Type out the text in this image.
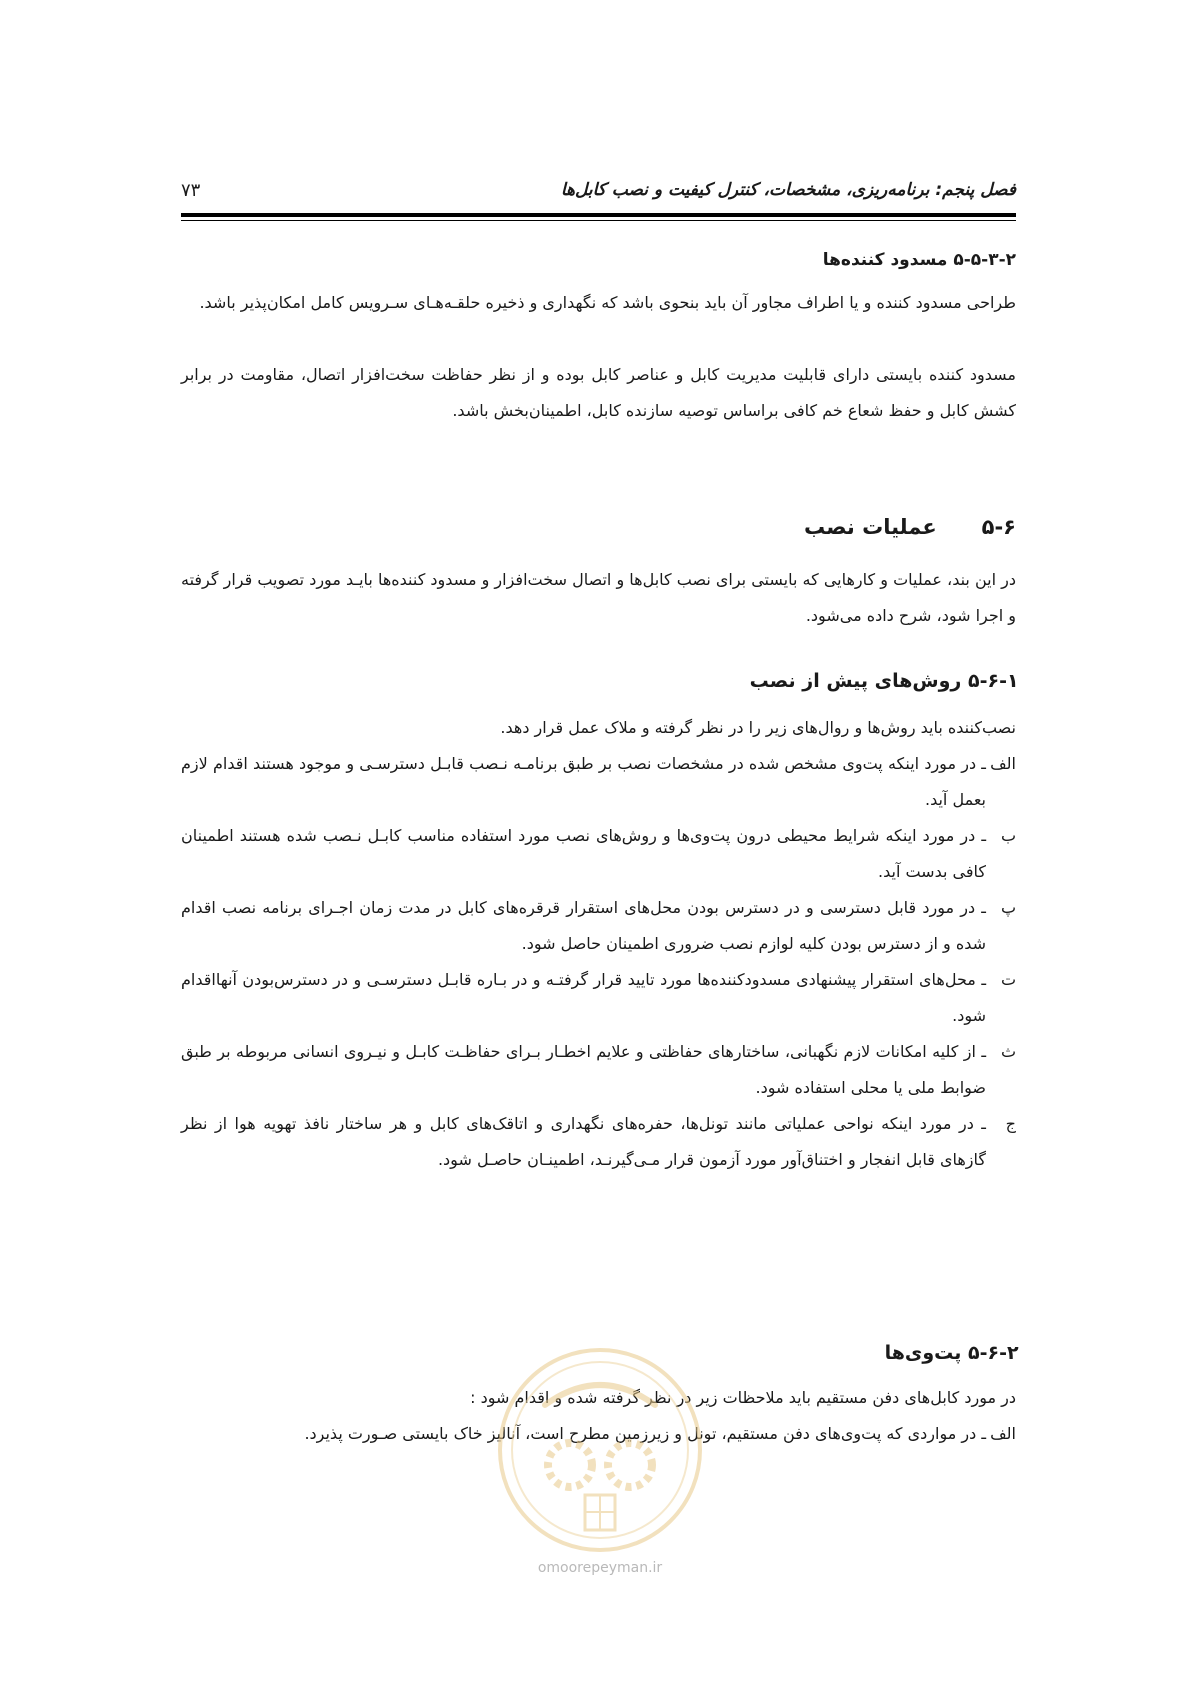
فصل پنجم: برنامه‌ریزی، مشخصات، کنترل کیفیت و نصب کابل‌ها
۷۳
۵-۵-۳-۲ مسدود کننده‌ها
طراحی مسدود کننده و یا اطراف مجاور آن باید بنحوی باشد که نگهداری و ذخیره حلقـه‌هـای سـرویس کامل امکان‌پذیر باشد.
مسدود کننده بایستی دارای قابلیت مدیریت کابل و عناصر کابل بوده و از نظر حفاظت سخت‌افزار اتصال، مقاومت در برابر کشش کابل و حفظ شعاع خم کافی براساس توصیه سازنده کابل، اطمینان‌بخش باشد.
۵-۶ عملیات نصب
در این بند، عملیات و کارهایی که بایستی برای نصب کابل‌ها و اتصال سخت‌افزار و مسدود کننده‌ها بایـد مورد تصویب قرار گرفته و اجرا شود، شرح داده می‌شود.
۵-۶-۱ روش‌های پیش از نصب
نصب‌کننده باید روش‌ها و روال‌های زیر را در نظر گرفته و ملاک عمل قرار دهد.
الف
ـ در مورد اینکه پت‌وی مشخص شده در مشخصات نصب بر طبق برنامـه نـصب قابـل دسترسـی و موجود هستند اقدام لازم بعمل آید.
ب
ـ در مورد اینکه شرایط محیطی درون پت‌وی‌ها و روش‌های نصب مورد استفاده مناسب کابـل نـصب شده هستند اطمینان کافی بدست آید.
پ
ـ در مورد قابل دسترسی و در دسترس بودن محل‌های استقرار قرقره‌های کابل در مدت زمان اجـرای برنامه نصب اقدام شده و از دسترس بودن کلیه لوازم نصب ضروری اطمینان حاصل شود.
ت
ـ محل‌های استقرار پیشنهادی مسدودکننده‌ها مورد تایید قرار گرفتـه و در بـاره قابـل دسترسـی و در دسترس‌بودن آنهااقدام شود.
ث
ـ از کلیه امکانات لازم نگهبانی، ساختارهای حفاظتی و علایم اخطـار بـرای حفاظـت کابـل و نیـروی انسانی مربوطه بر طبق ضوابط ملی یا محلی استفاده شود.
ج
ـ در مورد اینکه نواحی عملیاتی مانند تونل‌ها، حفره‌های نگهداری و اتاقک‌های کابل و هر ساختار نافذ تهویه هوا از نظر گازهای قابل انفجار و اختناق‌آور مورد آزمون قرار مـی‌گیرنـد، اطمینـان حاصـل شود.
۵-۶-۲ پت‌وی‌ها
در مورد کابل‌های دفن مستقیم باید ملاحظات زیر در نظر گرفته شده و اقدام شود :
الف
ـ در مواردی که پت‌وی‌های دفن مستقیم، تونل و زیرزمین مطرح است، آنالیز خاک بایستی صـورت پذیرد.
omoorepeyman.ir
